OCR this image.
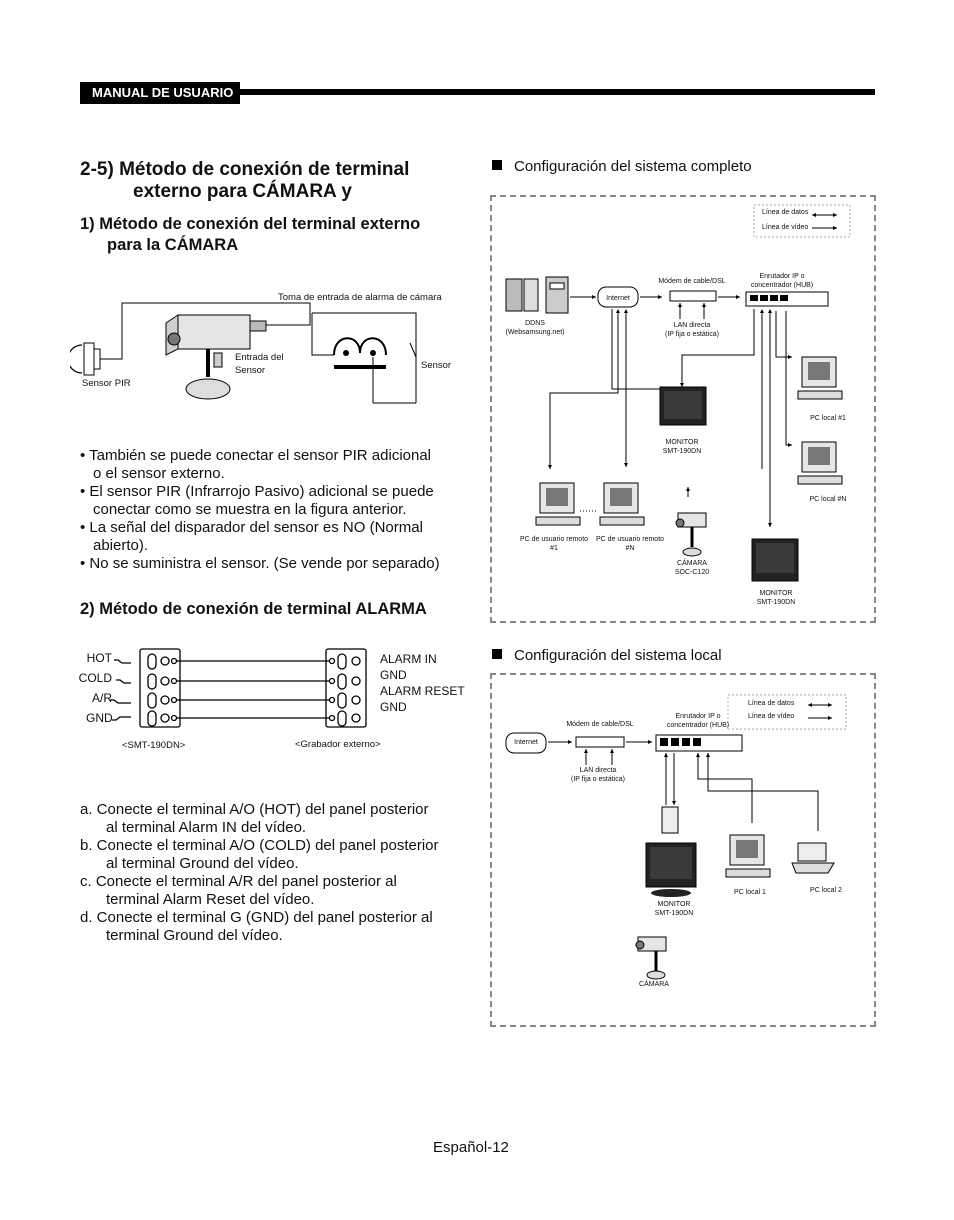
MANUAL DE USUARIO
2-5) Método de conexión de terminal
externo para CÁMARA y
1) Método de conexión del terminal externo
para la CÁMARA
Toma de entrada de alarma de cámara
Entrada del
Sensor	Sensor
Sensor PIR
• También se puede conectar el sensor PIR adicional
o el sensor externo.
• El sensor PIR (Infrarrojo Pasivo) adicional se puede
conectar como se muestra en la figura anterior.
• La señal del disparador del sensor es NO (Normal
abierto).
• No se suministra el sensor. (Se vende por separado)
2) Método de conexión de terminal ALARMA
HOT
COLD
A/R
GND
ALARM IN
GND
ALARM RESET
GND
<SMT-190DN>	<Grabador externo>
a. Conecte el terminal A/O (HOT) del panel posterior
al terminal Alarm IN del vídeo.
b. Conecte el terminal A/O (COLD) del panel posterior
al terminal Ground del vídeo.
c. Conecte el terminal A/R del panel posterior al
terminal Alarm Reset del vídeo.
d. Conecte el terminal G (GND) del panel posterior al
terminal Ground del vídeo.
Configuración del sistema completo
Línea de datos
Línea de vídeo
DDNS
(Websamsung.net)
Internet
Módem de cable/DSL
Enrutador IP o
concentrador (HUB)
LAN directa
(IP fija o estática)
MONITOR
SMT-190DN
PC local #1
PC local #N
PC de usuario remoto
#1
PC de usuario remoto
#N
CÁMARA
SOC-C120
MONITOR
SMT-190DN
Configuración del sistema local
Línea de datos
Línea de vídeo
Internet
Módem de cable/DSL
Enrutador IP o
concentrador (HUB)
LAN directa
(IP fija o estática)
MONITOR
SMT-190DN
PC local 1	PC local 2
CÁMARA
Español-12
